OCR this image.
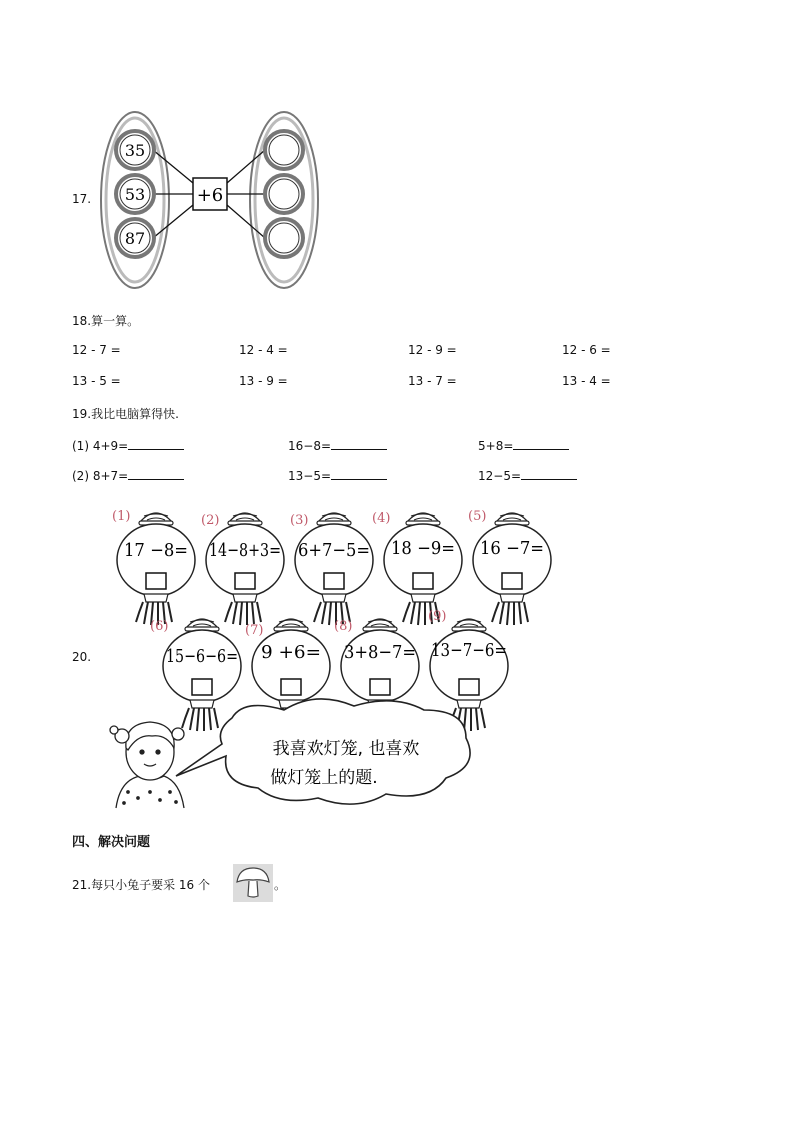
17.
35
53
87
+6
18.算一算。
12 - 7 =	12 - 4 =	12 - 9 =	12 - 6 =
13 - 5 =	13 - 9 =	13 - 7 =	13 - 4 =
19.我比电脑算得快.
(1) 4+9=	16−8=	5+8=
(2) 8+7=	13−5=	12−5=
20.
(1)	(2)	(3)	(4)	(5)
(6)	(7)	(8)
(9)
17 −8= 14−8+3= 6+7−5= 18 −9= 16 −7=
15−6−6= 9 +6= 3+8−7= 13−7−6=
我喜欢灯笼, 也喜欢
做灯笼上的题.
四、解决问题
21.每只小兔子要采 16 个	。
